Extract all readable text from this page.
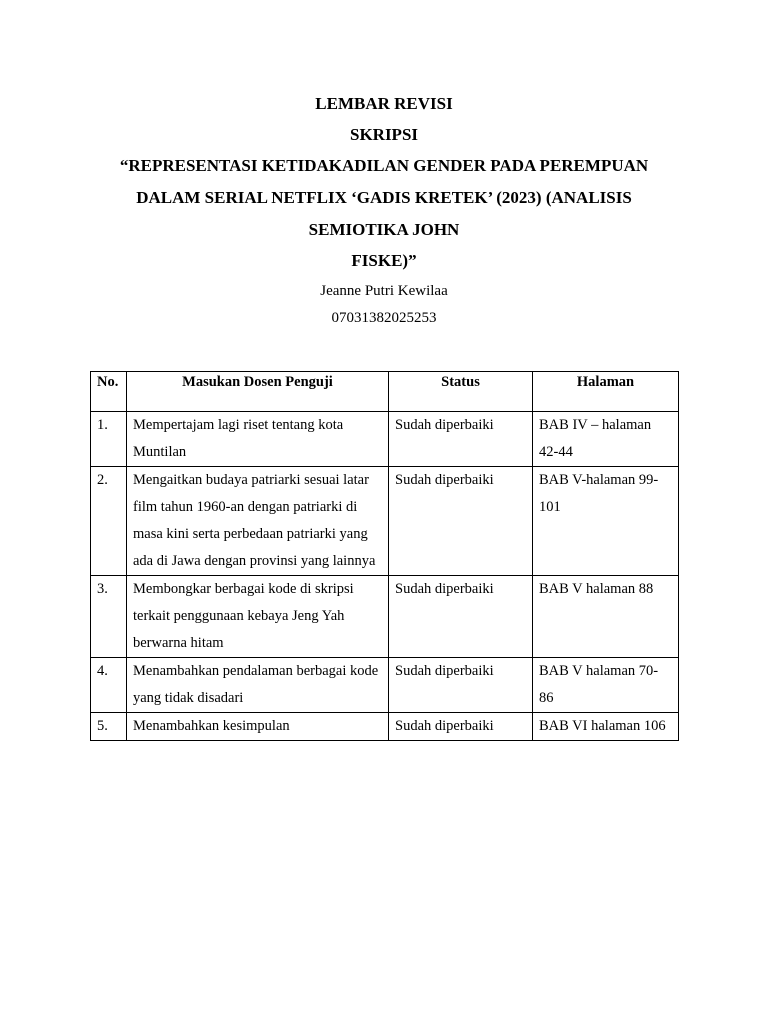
LEMBAR REVISI
SKRIPSI

“REPRESENTASI KETIDAKADILAN GENDER PADA PEREMPUAN

DALAM SERIAL NETFLIX ‘GADIS KRETEK’ (2023) (ANALISIS

SEMIOTIKA JOHN

FISKE)”

Jeanne Putri Kewilaa

07031382025253

No.	Masukan Dosen Penguji	Status	Halaman

1.	Mempertajam lagi riset tentang kota Muntilan	Sudah diperbaiki	BAB IV – halaman 42-44
2.	Mengaitkan budaya patriarki sesuai latar film tahun 1960-an dengan patriarki di masa kini serta perbedaan patriarki yang ada di Jawa dengan provinsi yang lainnya	Sudah diperbaiki	BAB V-halaman 99-101
3.	Membongkar berbagai kode di skripsi terkait penggunaan kebaya Jeng Yah berwarna hitam	Sudah diperbaiki	BAB V halaman 88
4.	Menambahkan pendalaman berbagai kode yang tidak disadari	Sudah diperbaiki	BAB V halaman 70-86
5.	Menambahkan kesimpulan	Sudah diperbaiki	BAB VI halaman 106
